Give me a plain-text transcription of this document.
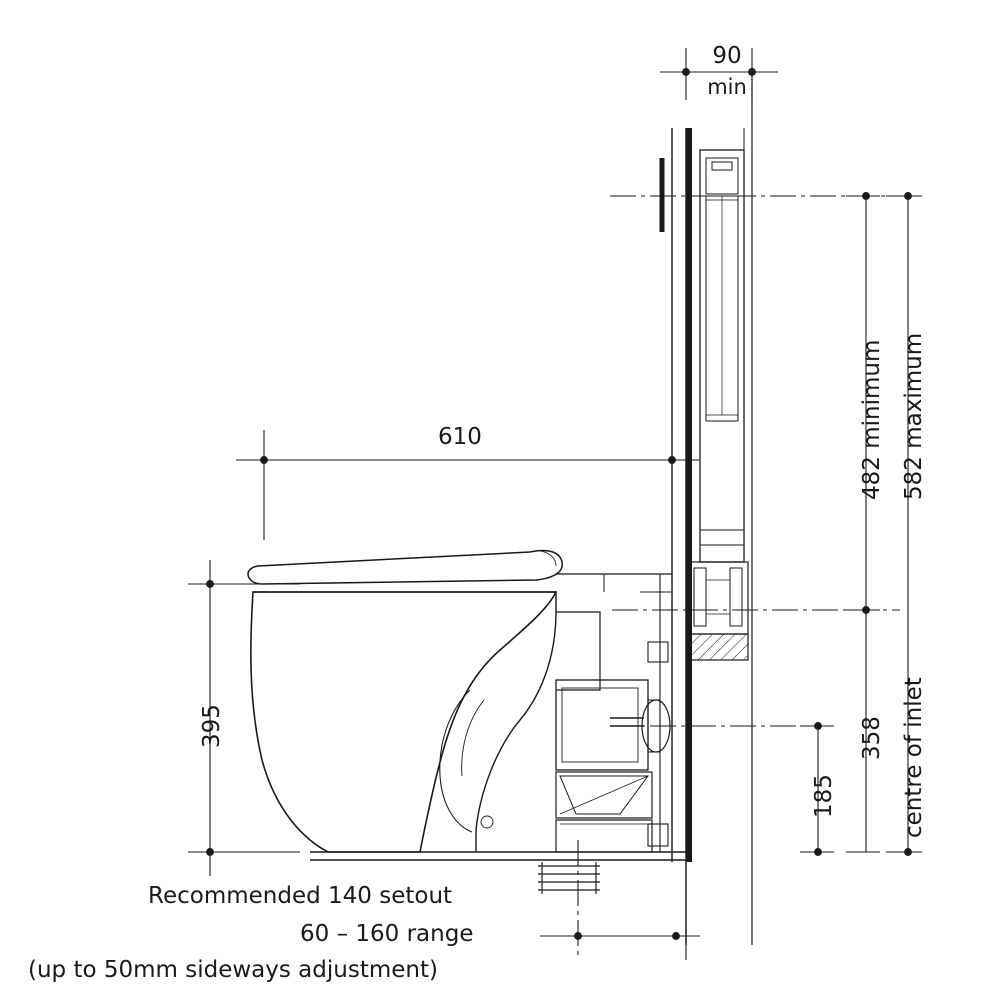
90
min
610
395
482 minimum 582 maximum
358
185	centre of inlet
Recommended 140 setout
60 – 160 range
(up to 50mm sideways adjustment)
